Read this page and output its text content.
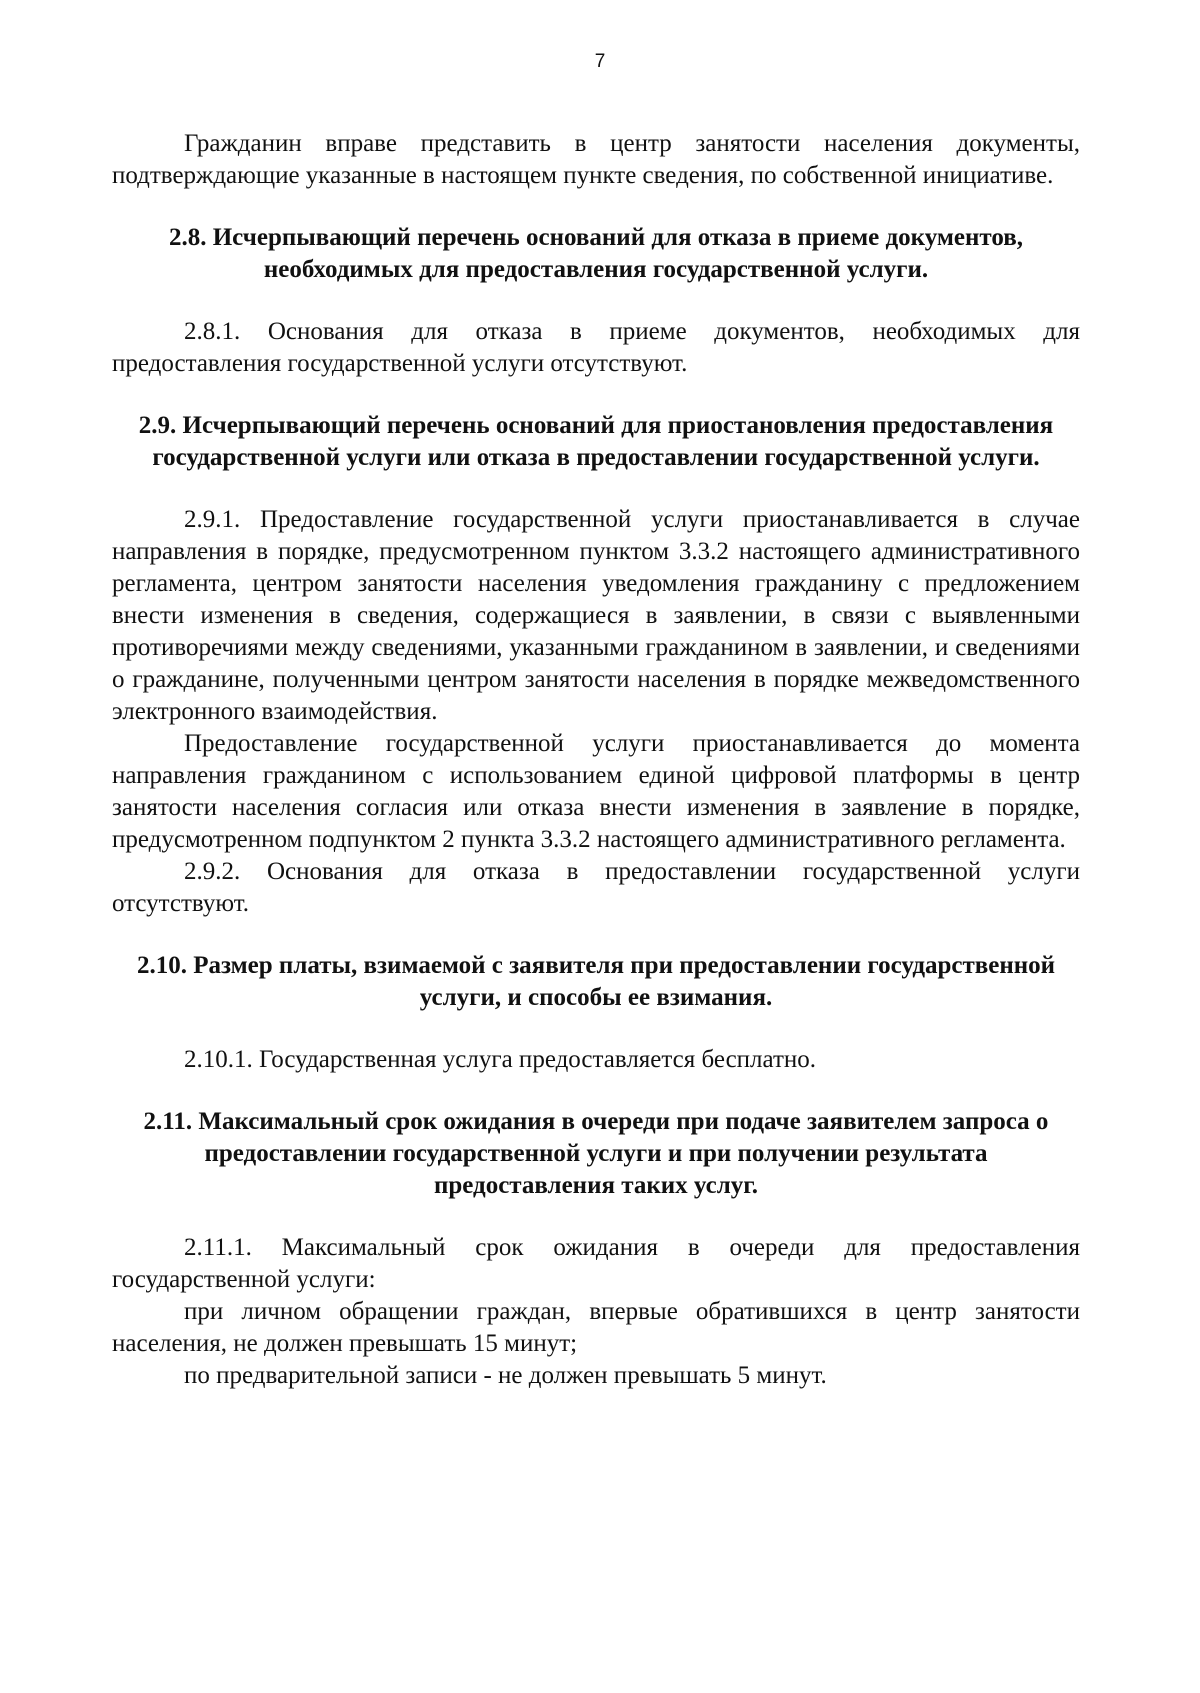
7

Гражданин вправе представить в центр занятости населения документы, подтверждающие указанные в настоящем пункте сведения, по собственной инициативе.

2.8. Исчерпывающий перечень оснований для отказа в приеме документов, необходимых для предоставления государственной услуги.

2.8.1. Основания для отказа в приеме документов, необходимых для предоставления государственной услуги отсутствуют.

2.9. Исчерпывающий перечень оснований для приостановления предоставления государственной услуги или отказа в предоставлении государственной услуги.

2.9.1. Предоставление государственной услуги приостанавливается в случае направления в порядке, предусмотренном пунктом 3.3.2 настоящего административного регламента, центром занятости населения уведомления гражданину с предложением внести изменения в сведения, содержащиеся в заявлении, в связи с выявленными противоречиями между сведениями, указанными гражданином в заявлении, и сведениями о гражданине, полученными центром занятости населения в порядке межведомственного электронного взаимодействия.

Предоставление государственной услуги приостанавливается до момента направления гражданином с использованием единой цифровой платформы в центр занятости населения согласия или отказа внести изменения в заявление в порядке, предусмотренном подпунктом 2 пункта 3.3.2 настоящего административного регламента.

2.9.2. Основания для отказа в предоставлении государственной услуги отсутствуют.

2.10. Размер платы, взимаемой с заявителя при предоставлении государственной услуги, и способы ее взимания.

2.10.1. Государственная услуга предоставляется бесплатно.

2.11. Максимальный срок ожидания в очереди при подаче заявителем запроса о предоставлении государственной услуги и при получении результата предоставления таких услуг.

2.11.1. Максимальный срок ожидания в очереди для предоставления государственной услуги:

при личном обращении граждан, впервые обратившихся в центр занятости населения, не должен превышать 15 минут;

по предварительной записи - не должен превышать 5 минут.
